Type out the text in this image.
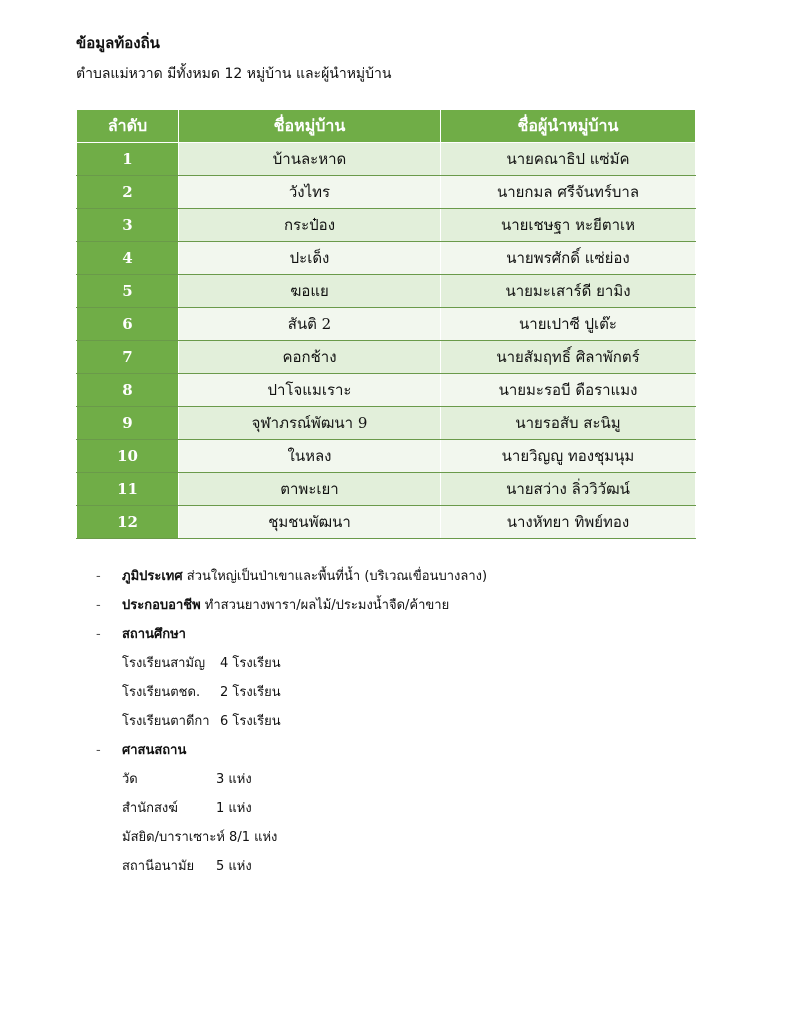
ข้อมูลท้องถิ่น
ตำบลแม่หวาด มีทั้งหมด 12 หมู่บ้าน และผู้นำหมู่บ้าน
ลำดับ	ชื่อหมู่บ้าน	ชื่อผู้นำหมู่บ้าน
1	บ้านละหาด	นายคณาธิป แซ่มัค
2	วังไทร	นายกมล ศรีจันทร์บาล
3	กระป๋อง	นายเชษฐา หะยีตาเห
4	ปะเด็ง	นายพรศักดิ์ แซ่ย่อง
5	ฆอแย	นายมะเสาร์ดี ยามิง
6	สันติ 2	นายเปาซี ปูเต๊ะ
7	คอกช้าง	นายสัมฤทธิ์ ศิลาพักตร์
8	ปาโจแมเราะ	นายมะรอบี ดือราแมง
9	จุฬาภรณ์พัฒนา 9	นายรอสับ สะนิมู
10	ในหลง	นายวิญญู ทองชุมนุม
11	ตาพะเยา	นายสว่าง ลิ่ววิวัฒน์
12	ชุมชนพัฒนา	นางหัทยา ทิพย์ทอง
- ภูมิประเทศ ส่วนใหญ่เป็นป่าเขาและพื้นที่น้ำ (บริเวณเขื่อนบางลาง)
- ประกอบอาชีพ ทำสวนยางพารา/ผลไม้/ประมงน้ำจืด/ค้าขาย
- สถานศึกษา
โรงเรียนสามัญ 4 โรงเรียน
โรงเรียนตชด. 2 โรงเรียน
โรงเรียนตาดีกา 6 โรงเรียน
- ศาสนสถาน
วัด	3 แห่ง
สำนักสงฆ์	1 แห่ง
มัสยิด/บาราเซาะห์ 8/1 แห่ง
สถานีอนามัย 5 แห่ง
